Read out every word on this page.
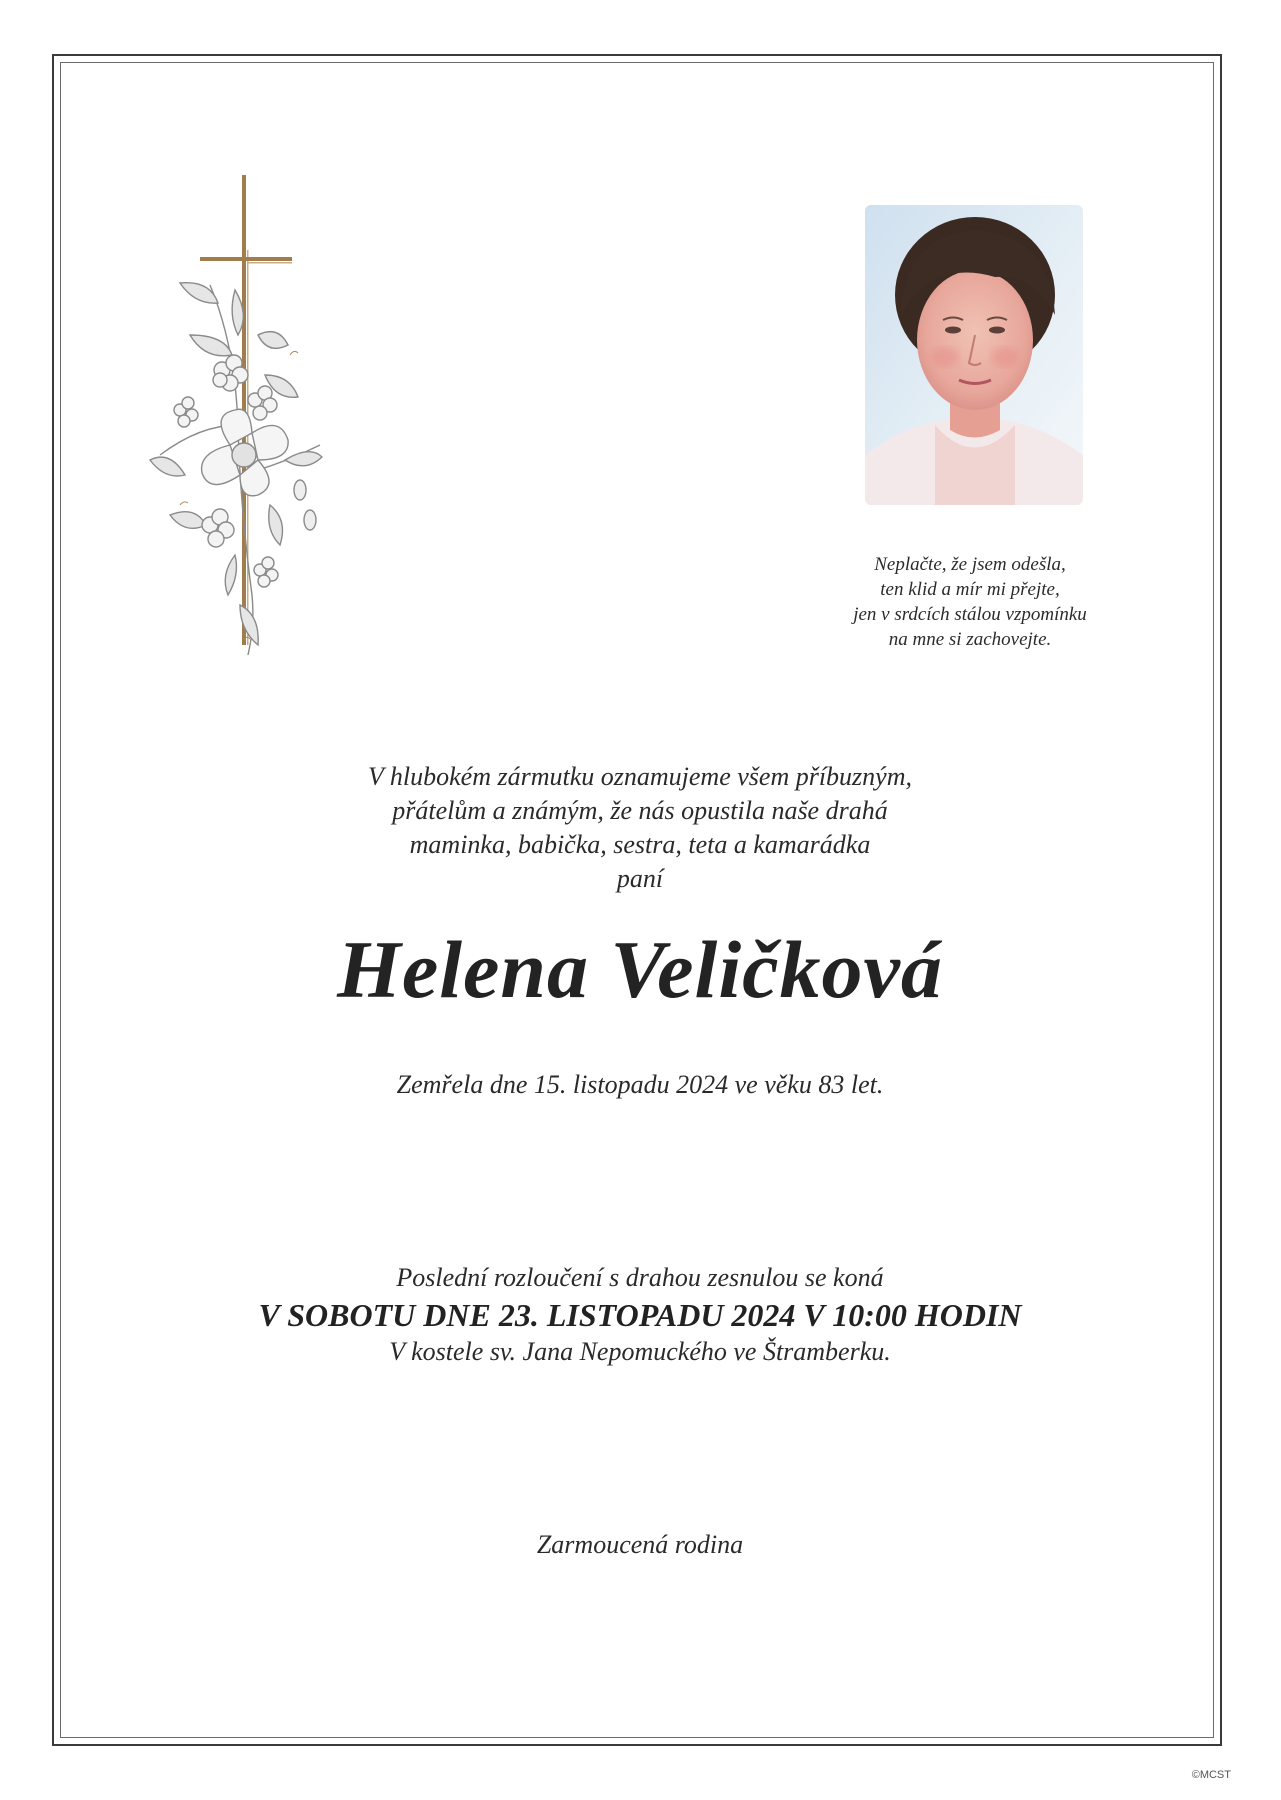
Neplačte, že jsem odešla,
ten klid a mír mi přejte,
jen v srdcích stálou vzpomínku
na mne si zachovejte.
V hlubokém zármutku oznamujeme všem příbuzným,
přátelům a známým, že nás opustila naše drahá
maminka, babička, sestra, teta a kamarádka
paní
Helena Veličková
Zemřela dne 15. listopadu 2024 ve věku 83 let.
Poslední rozloučení s drahou zesnulou se koná
V SOBOTU DNE 23. LISTOPADU 2024 V 10:00 HODIN
V kostele sv. Jana Nepomuckého ve Štramberku.
Zarmoucená rodina
©MCST
